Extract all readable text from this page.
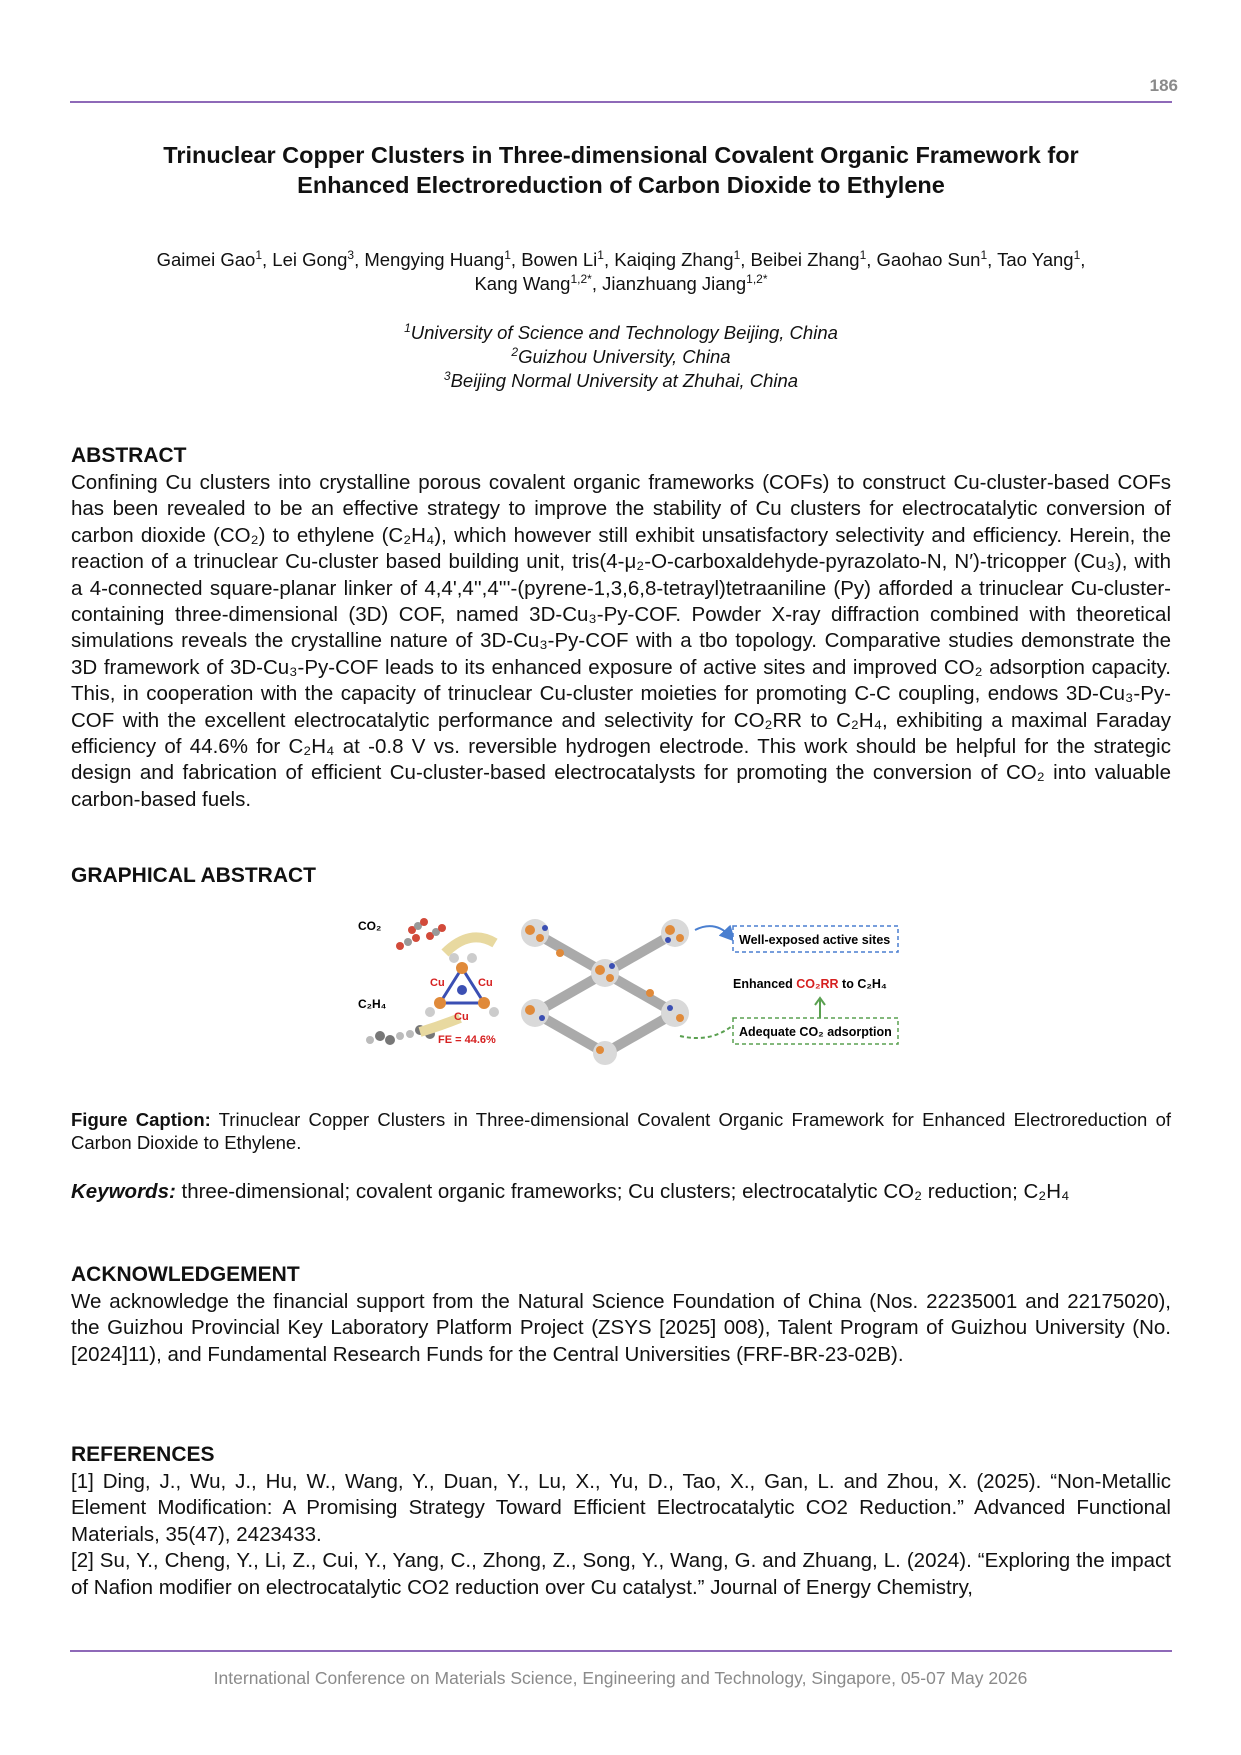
186
Trinuclear Copper Clusters in Three-dimensional Covalent Organic Framework for
Enhanced Electroreduction of Carbon Dioxide to Ethylene
Gaimei Gao$^1$, Lei Gong$^3$, Mengying Huang$^1$, Bowen Li$^1$, Kaiqing Zhang$^1$, Beibei Zhang$^1$, Gaohao Sun$^1$, Tao Yang$^1$,
Kang Wang$^{1,2*}$, Jianzhuang Jiang$^{1,2*}$
$^1$University of Science and Technology Beijing, China
$^2$Guizhou University, China
$^3$Beijing Normal University at Zhuhai, China
ABSTRACT
Confining Cu clusters into crystalline porous covalent organic frameworks (COFs) to construct Cu-cluster-based COFs has been revealed to be an effective strategy to improve the stability of Cu clusters for electrocatalytic conversion of carbon dioxide (CO₂) to ethylene (C₂H₄), which however still exhibit unsatisfactory selectivity and efficiency. Herein, the reaction of a trinuclear Cu-cluster based building unit, tris(4-μ₂-O-carboxaldehyde-pyrazolato-N, N′)-tricopper (Cu₃), with a 4-connected square-planar linker of 4,4',4'',4'''-(pyrene-1,3,6,8-tetrayl)tetraaniline (Py) afforded a trinuclear Cu-cluster-containing three-dimensional (3D) COF, named 3D-Cu₃-Py-COF. Powder X-ray diffraction combined with theoretical simulations reveals the crystalline nature of 3D-Cu₃-Py-COF with a tbo topology. Comparative studies demonstrate the 3D framework of 3D-Cu₃-Py-COF leads to its enhanced exposure of active sites and improved CO₂ adsorption capacity. This, in cooperation with the capacity of trinuclear Cu-cluster moieties for promoting C-C coupling, endows 3D-Cu₃-Py-COF with the excellent electrocatalytic performance and selectivity for CO₂RR to C₂H₄, exhibiting a maximal Faraday efficiency of 44.6% for C₂H₄ at -0.8 V vs. reversible hydrogen electrode. This work should be helpful for the strategic design and fabrication of efficient Cu-cluster-based electrocatalysts for promoting the conversion of CO₂ into valuable carbon-based fuels.
GRAPHICAL ABSTRACT
CO₂
C₂H₄
Cu	Cu
Cu
FE = 44.6%
Well-exposed active sites
Enhanced CO₂RR to C₂H₄
Adequate CO₂ adsorption
Figure Caption: Trinuclear Copper Clusters in Three-dimensional Covalent Organic Framework for Enhanced Electroreduction of Carbon Dioxide to Ethylene.
Keywords: three-dimensional; covalent organic frameworks; Cu clusters; electrocatalytic CO₂ reduction; C₂H₄
ACKNOWLEDGEMENT
We acknowledge the financial support from the Natural Science Foundation of China (Nos. 22235001 and 22175020), the Guizhou Provincial Key Laboratory Platform Project (ZSYS [2025] 008), Talent Program of Guizhou University (No.[2024]11), and Fundamental Research Funds for the Central Universities (FRF-BR-23-02B).
REFERENCES
[1] Ding, J., Wu, J., Hu, W., Wang, Y., Duan, Y., Lu, X., Yu, D., Tao, X., Gan, L. and Zhou, X. (2025). “Non-Metallic Element Modification: A Promising Strategy Toward Efficient Electrocatalytic CO2 Reduction.” Advanced Functional Materials, 35(47), 2423433.
[2] Su, Y., Cheng, Y., Li, Z., Cui, Y., Yang, C., Zhong, Z., Song, Y., Wang, G. and Zhuang, L. (2024). “Exploring the impact of Nafion modifier on electrocatalytic CO2 reduction over Cu catalyst.” Journal of Energy Chemistry,
International Conference on Materials Science, Engineering and Technology, Singapore, 05-07 May 2026
